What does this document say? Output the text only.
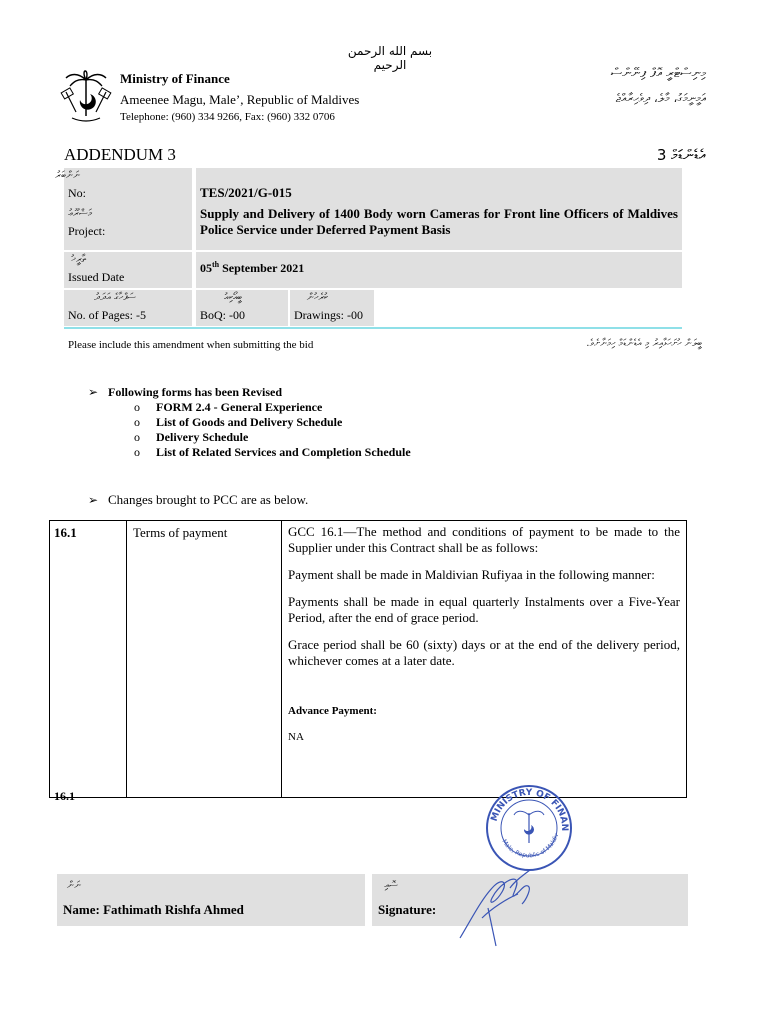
بسم الله الرحمن الرحيم
Ministry of Finance
Ameenee Magu, Male’, Republic of Maldives
Telephone: (960) 334 9266, Fax: (960) 332 0706
މިނިސްޓްރީ އޮފް ފިނޭންސް
އަމީނީމަގު، މާލެ، ދިވެހިރާއްޖެ
ADDENDUM 3	އެޑެންޑަމް 3
ނަންބަރު
No:	TES/2021/G-015
މަޝްރޫޢު
Project:
Supply and Delivery of 1400 Body worn Cameras for Front line Officers of Maldives Police Service under Deferred Payment Basis
ތާރީޚު
Issued Date
05th September 2021
ސަފްހާގެ އަދަދު
No. of Pages: -5
ބީއޯކިއު
BoQ: -00
ކުރެހުން
Drawings: -00
Please include this amendment when submitting the bid	ބީލަން ހުށަހަޅާއިރު މި އެޑެންޑަމް ހިމަނާށެވެ.
➢ Following forms has been Revised
o FORM 2.4 - General Experience
o List of Goods and Delivery Schedule
o Delivery Schedule
o List of Related Services and Completion Schedule
➢ Changes brought to PCC are as below.
16.1	Terms of payment	GCC 16.1—The method and conditions of payment to be made to the Supplier under this Contract shall be as follows:
Payment shall be made in Maldivian Rufiyaa in the following manner:
Payments shall be made in equal quarterly Instalments over a Five-Year Period, after the end of grace period.
Grace period shall be 60 (sixty) days or at the end of the delivery period, whichever comes at a later date.
Advance Payment:
NA
16.1
MINISTRY OF FINAN
Male, Republic of Maldiv
ނަން
Name: Fathimath Rishfa Ahmed
ސޮއި
Signature:
